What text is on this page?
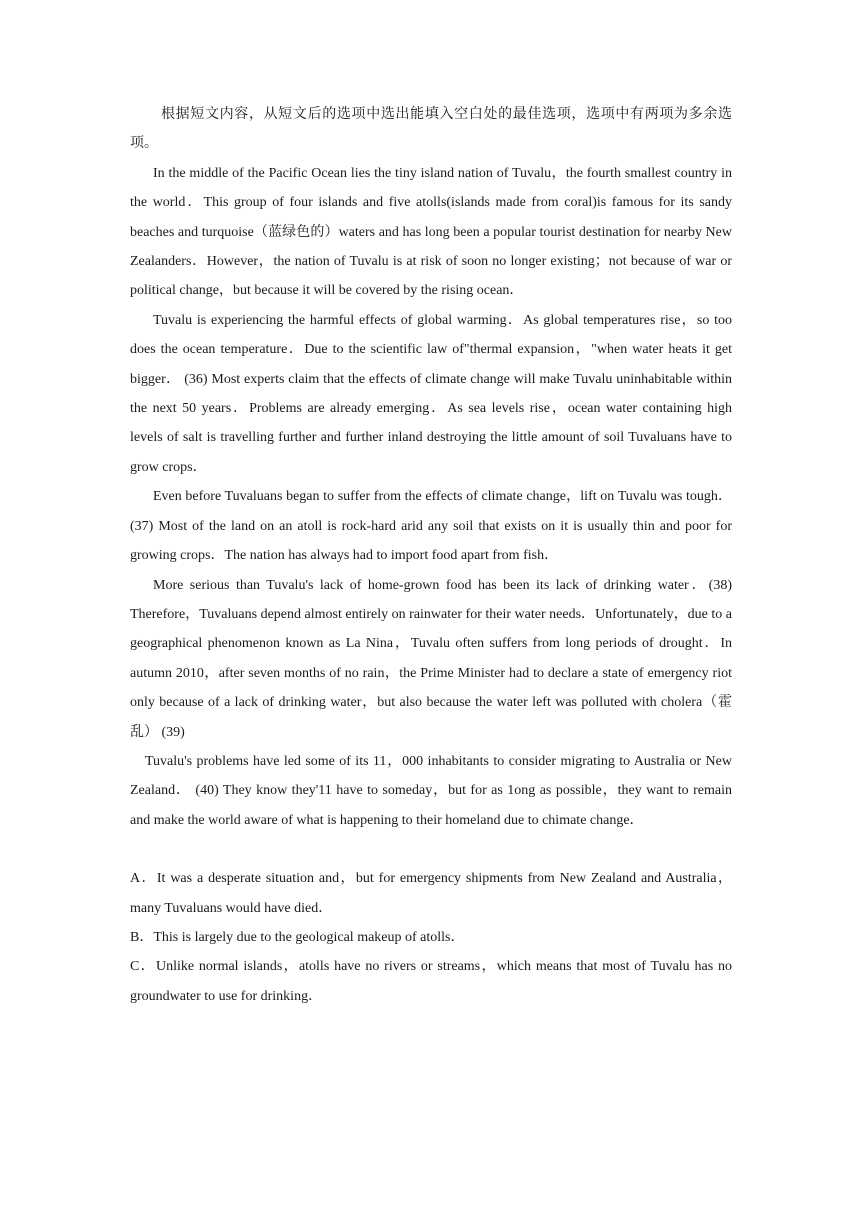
根据短文内容，从短文后的选项中选出能填入空白处的最佳选项，选项中有两项为多余选项。

In the middle of the Pacific Ocean lies the tiny island nation of Tuvalu，the fourth smallest country in the world．This group of four islands and five atolls(islands made from coral)is famous for its sandy beaches and turquoise（蓝绿色的）waters and has long been a popular tourist destination for nearby New Zealanders．However，the nation of Tuvalu is at risk of soon no longer existing；not because of war or political change，but because it will be covered by the rising ocean．

Tuvalu is experiencing the harmful effects of global warming．As global temperatures rise，so too does the ocean temperature．Due to the scientific law of"thermal expansion，"when water heats it get bigger． (36) Most experts claim that the effects of climate change will make Tuvalu uninhabitable within the next 50 years．Problems are already emerging．As sea levels rise，ocean water containing high levels of salt is travelling further and further inland destroying the little amount of soil Tuvaluans have to grow crops．

Even before Tuvaluans began to suffer from the effects of climate change，lift on Tuvalu was tough． (37) Most of the land on an atoll is rock-hard arid any soil that exists on it is usually thin and poor for growing crops．The nation has always had to import food apart from fish．

More serious than Tuvalu's lack of home-grown food has been its lack of drinking water．(38) Therefore，Tuvaluans depend almost entirely on rainwater for their water needs．Unfortunately，due to a geographical phenomenon known as La Nina，Tuvalu often suffers from long periods of drought．In autumn 2010，after seven months of no rain，the Prime Minister had to declare a state of emergency riot only because of a lack of drinking water，but also because the water left was polluted with cholera（霍乱） (39)

Tuvalu's problems have led some of its 11，000 inhabitants to consider migrating to Australia or New Zealand． (40) They know they'11 have to someday，but for as 1ong as possible，they want to remain and make the world aware of what is happening to their homeland due to chimate change．

A．It was a desperate situation and，but for emergency shipments from New Zealand and Australia，many Tuvaluans would have died．

B．This is largely due to the geological makeup of atolls．

C．Unlike normal islands，atolls have no rivers or streams，which means that most of Tuvalu has no groundwater to use for drinking．
